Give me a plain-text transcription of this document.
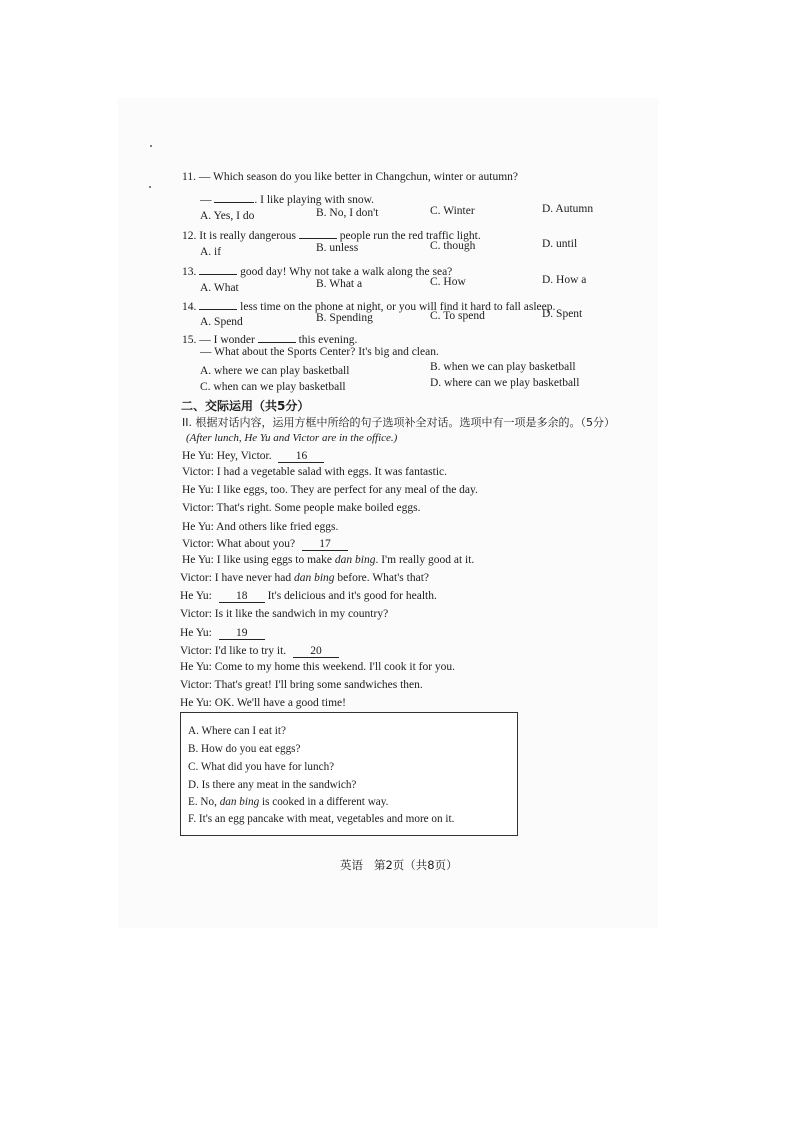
11. — Which season do you like better in Changchun, winter or autumn?
—	. I like playing with snow.
A. Yes, I do	B. No, I don't	C. Winter	D. Autumn
12. It is really dangerous	people run the red traffic light.
A. if	B. unless	C. though	D. until
13.	good day! Why not take a walk along the sea?
A. What	B. What a	C. How	D. How a
14.	less time on the phone at night, or you will find it hard to fall asleep.
A. Spend	B. Spending	C. To spend	D. Spent
15. — I wonder	this evening.
— What about the Sports Center? It's big and clean.
A. where we can play basketball	B. when we can play basketball
C. when can we play basketball	D. where can we play basketball
二、交际运用（共5分）
II. 根据对话内容，运用方框中所给的句子选项补全对话。选项中有一项是多余的。（5分）
(After lunch, He Yu and Victor are in the office.)
He Yu: Hey, Victor. 16
Victor: I had a vegetable salad with eggs. It was fantastic.
He Yu: I like eggs, too. They are perfect for any meal of the day.
Victor: That's right. Some people make boiled eggs.
He Yu: And others like fried eggs.
Victor: What about you? 17
He Yu: I like using eggs to make dan bing. I'm really good at it.
Victor: I have never had dan bing before. What's that?
He Yu: 18 It's delicious and it's good for health.
Victor: Is it like the sandwich in my country?
He Yu: 19
Victor: I'd like to try it. 20
He Yu: Come to my home this weekend. I'll cook it for you.
Victor: That's great! I'll bring some sandwiches then.
He Yu: OK. We'll have a good time!
A. Where can I eat it?
B. How do you eat eggs?
C. What did you have for lunch?
D. Is there any meat in the sandwich?
E. No, dan bing is cooked in a different way.
F. It's an egg pancake with meat, vegetables and more on it.
英语   第2页（共8页）
